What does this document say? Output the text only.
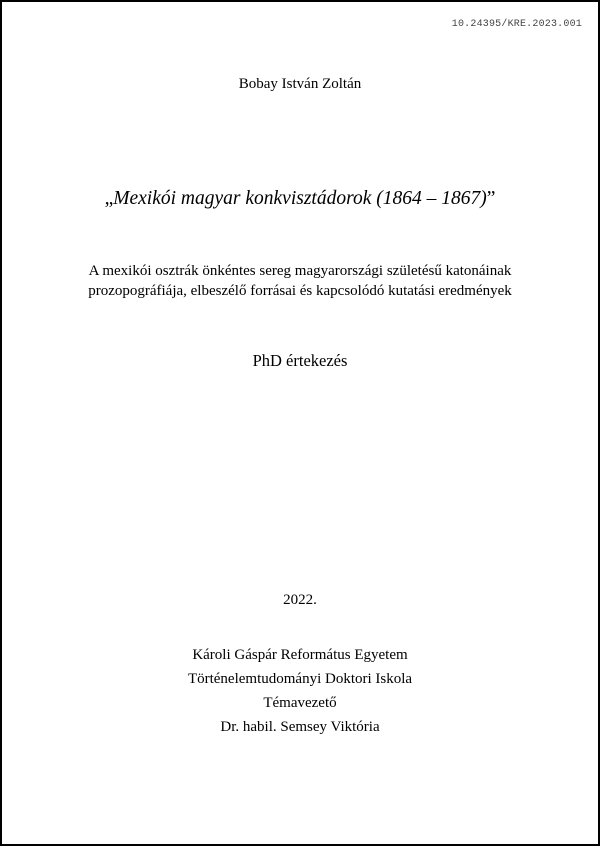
10.24395/KRE.2023.001
Bobay István Zoltán
„Mexikói magyar konkvisztádorok (1864 – 1867)”
A mexikói osztrák önkéntes sereg magyarországi születésű katonáinak
prozopográfiája, elbeszélő forrásai és kapcsolódó kutatási eredmények
PhD értekezés
2022.
Károli Gáspár Református Egyetem
Történelemtudományi Doktori Iskola
Témavezető
Dr. habil. Semsey Viktória
